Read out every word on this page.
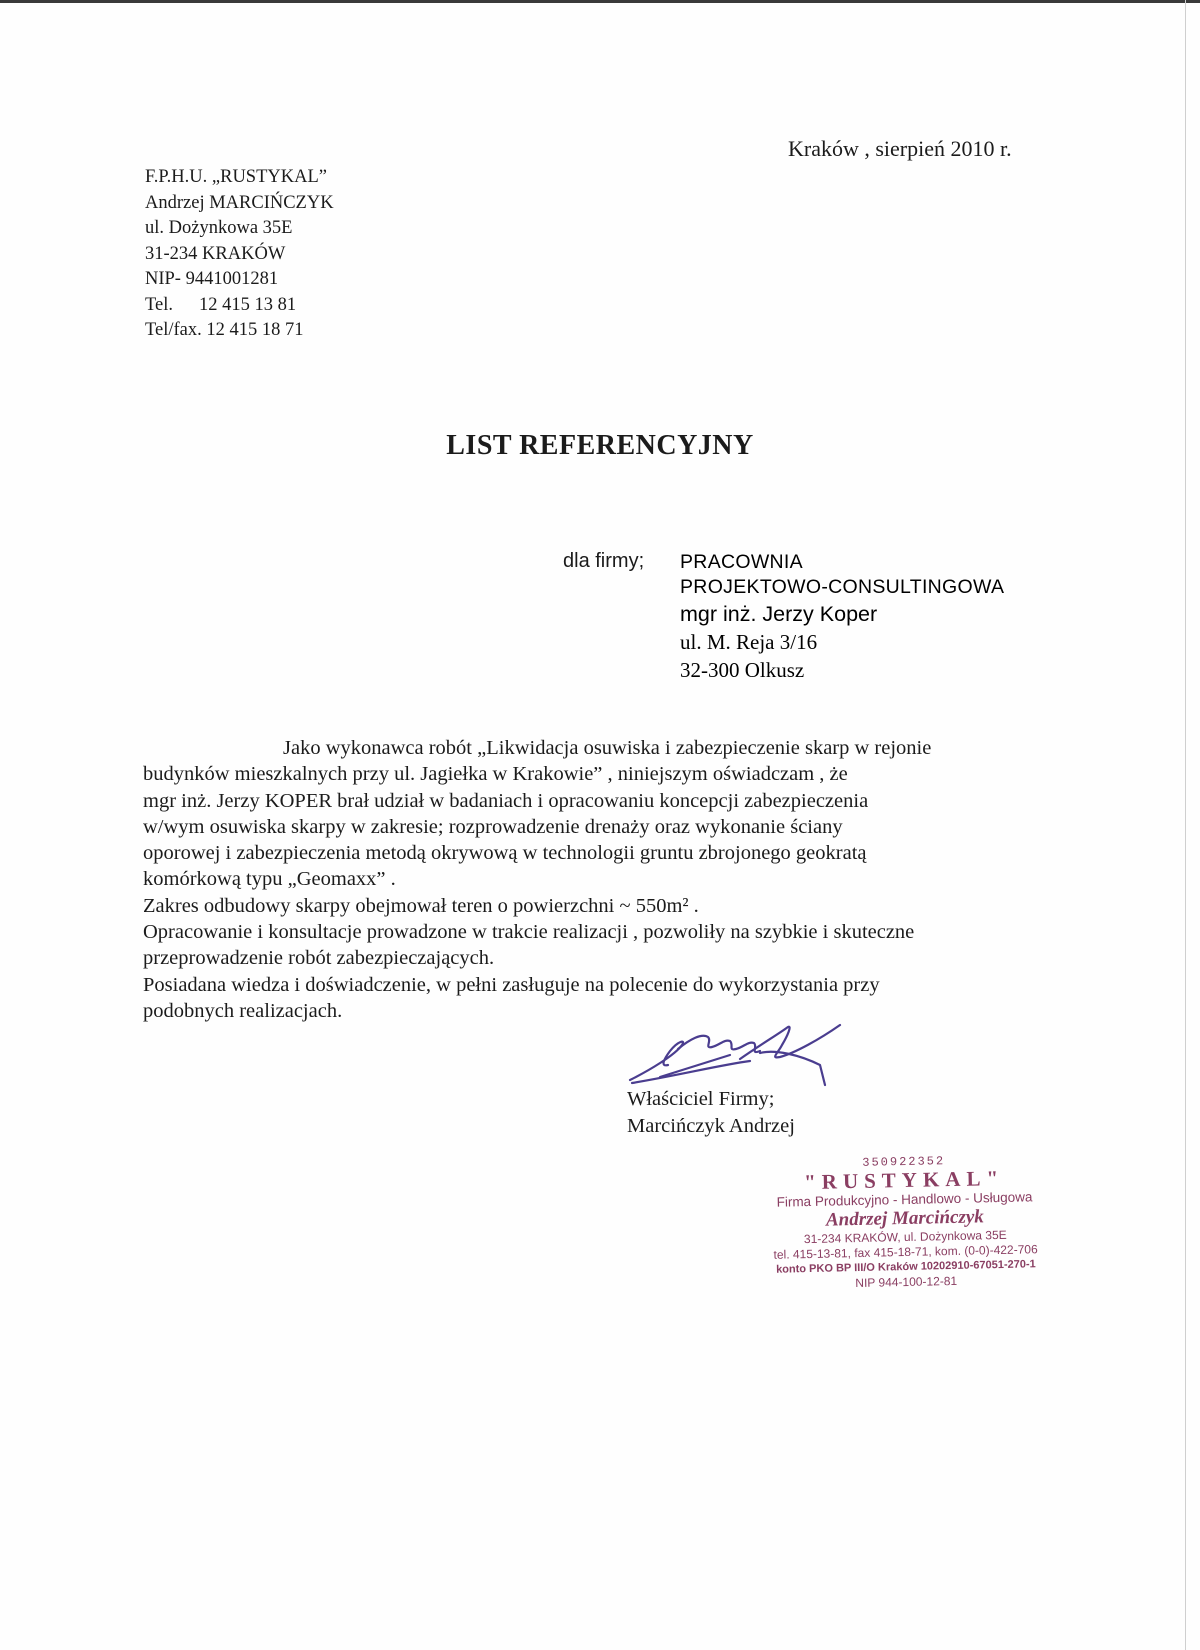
Kraków , sierpień 2010 r.
F.P.H.U. „RUSTYKAL”
Andrzej MARCIŃCZYK
ul. Dożynkowa 35E
31-234 KRAKÓW
NIP- 9441001281
Tel. 12 415 13 81
Tel/fax. 12 415 18 71
LIST REFERENCYJNY
dla firmy; PRACOWNIA
PROJEKTOWO-CONSULTINGOWA
mgr inż. Jerzy Koper
ul. M. Reja 3/16
32-300 Olkusz
Jako wykonawca robót „Likwidacja osuwiska i zabezpieczenie skarp w rejonie
budynków mieszkalnych przy ul. Jagiełka w Krakowie” , niniejszym oświadczam , że
mgr inż. Jerzy KOPER brał udział w badaniach i opracowaniu koncepcji zabezpieczenia
w/wym osuwiska skarpy w zakresie; rozprowadzenie drenaży oraz wykonanie ściany
oporowej i zabezpieczenia metodą okrywową w technologii gruntu zbrojonego geokratą
komórkową typu „Geomaxx” .
Zakres odbudowy skarpy obejmował teren o powierzchni ~ 550m² .
Opracowanie i konsultacje prowadzone w trakcie realizacji , pozwoliły na szybkie i skuteczne
przeprowadzenie robót zabezpieczających.
Posiadana wiedza i doświadczenie, w pełni zasługuje na polecenie do wykorzystania przy
podobnych realizacjach.
Właściciel Firmy;
Marcińczyk Andrzej
350922352
"RUSTYKAL"
Firma Produkcyjno - Handlowo - Usługowa
Andrzej Marcińczyk
31-234 KRAKÓW, ul. Dożynkowa 35E
tel. 415-13-81, fax 415-18-71, kom. (0-0)-422-706
konto PKO BP III/O Kraków 10202910-67051-270-1
NIP 944-100-12-81
